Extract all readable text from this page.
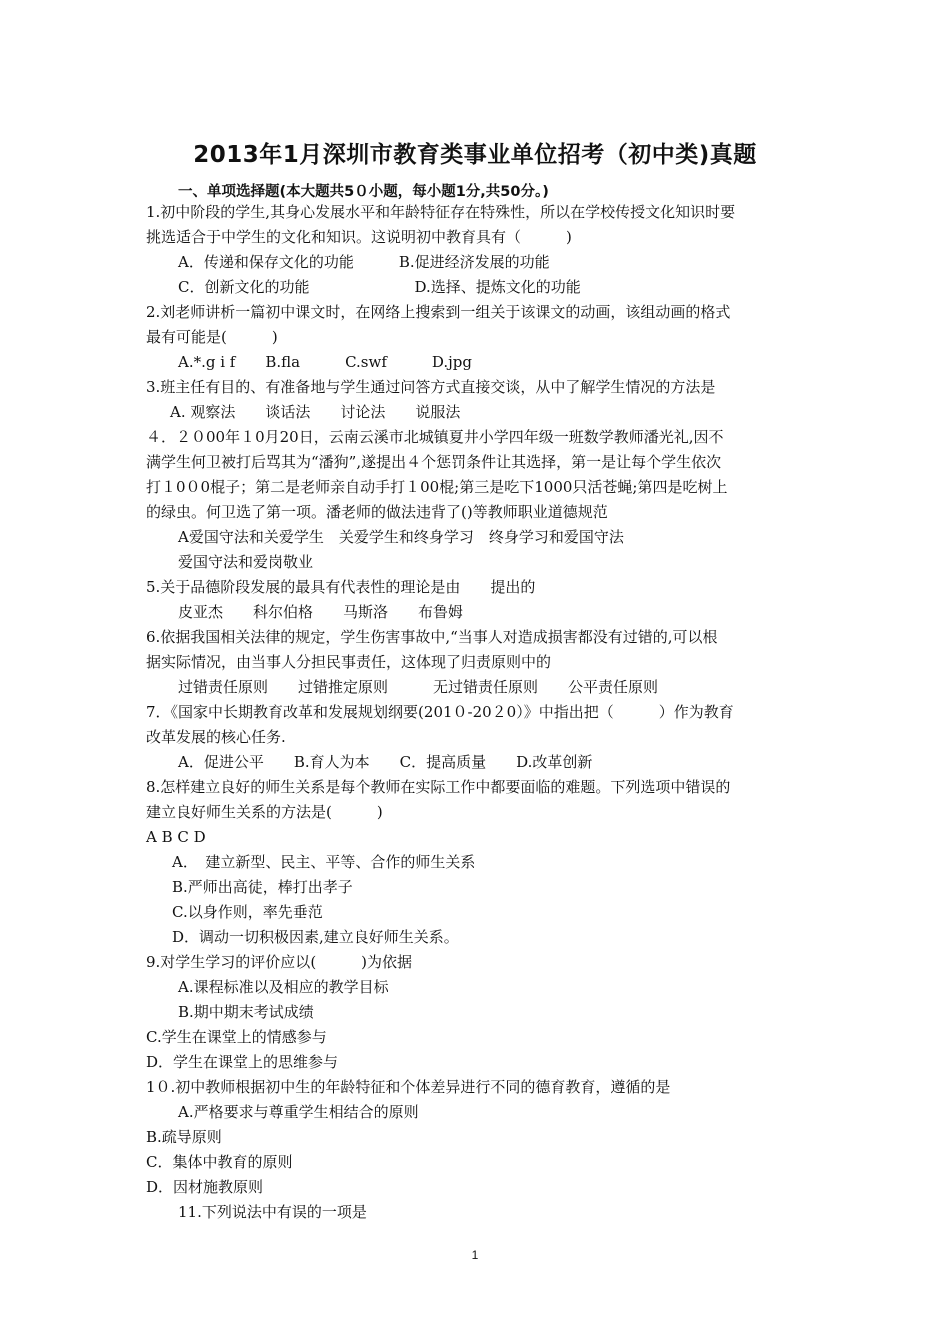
2013年1月深圳市教育类事业单位招考（初中类)真题
一、单项选择题(本大题共5０小题，每小题1分,共50分。)
1.初中阶段的学生,其身心发展水平和年龄特征存在特殊性，所以在学校传授文化知识时要
挑选适合于中学生的文化和知识。这说明初中教育具有（　　　)
A．传递和保存文化的功能　　　B.促进经济发展的功能
C．创新文化的功能　　　　　　　D.选择、提炼文化的功能
2.刘老师讲析一篇初中课文时，在网络上搜索到一组关于该课文的动画，该组动画的格式
最有可能是(　　　)
A.*.g i f　　B.fla　　　C.swf　　　D.jpg
3.班主任有目的、有准备地与学生通过问答方式直接交谈，从中了解学生情况的方法是
A. 观察法　　谈话法　　讨论法　　说服法
４．２０00年１0月20日，云南云溪市北城镇夏井小学四年级一班数学教师潘光礼,因不
满学生何卫被打后骂其为“潘狗”,遂提出４个惩罚条件让其选择，第一是让每个学生依次
打１0０0棍子；第二是老师亲自动手打１00棍;第三是吃下1000只活苍蝇;第四是吃树上
的绿虫。何卫选了第一项。潘老师的做法违背了()等教师职业道德规范
A爱国守法和关爱学生　关爱学生和终身学习　终身学习和爱国守法
爱国守法和爱岗敬业
5.关于品德阶段发展的最具有代表性的理论是由　　提出的
皮亚杰　　科尔伯格　　马斯洛　　布鲁姆
6.依据我国相关法律的规定，学生伤害事故中,“当事人对造成损害都没有过错的,可以根
据实际情况，由当事人分担民事责任，这体现了归责原则中的
过错责任原则　　过错推定原则　　　无过错责任原则　　公平责任原则
7．《国家中长期教育改革和发展规划纲要(201０-20２0）》中指出把（　　　）作为教育
改革发展的核心任务.
A．促进公平　　B.育人为本　　C．提高质量　　D.改革创新
8.怎样建立良好的师生关系是每个教师在实际工作中都要面临的难题。下列选项中错误的
建立良好师生关系的方法是(　　　)
A B C D
A．　建立新型、民主、平等、合作的师生关系
B.严师出高徒，棒打出孝子
C.以身作则，率先垂范
D．调动一切积极因素,建立良好师生关系。
9.对学生学习的评价应以(　　　)为依据
A.课程标准以及相应的教学目标
B.期中期末考试成绩
C.学生在课堂上的情感参与
D．学生在课堂上的思维参与
1０.初中教师根据初中生的年龄特征和个体差异进行不同的德育教育，遵循的是
A.严格要求与尊重学生相结合的原则
B.疏导原则
C．集体中教育的原则
D．因材施教原则
11.下列说法中有误的一项是
1
